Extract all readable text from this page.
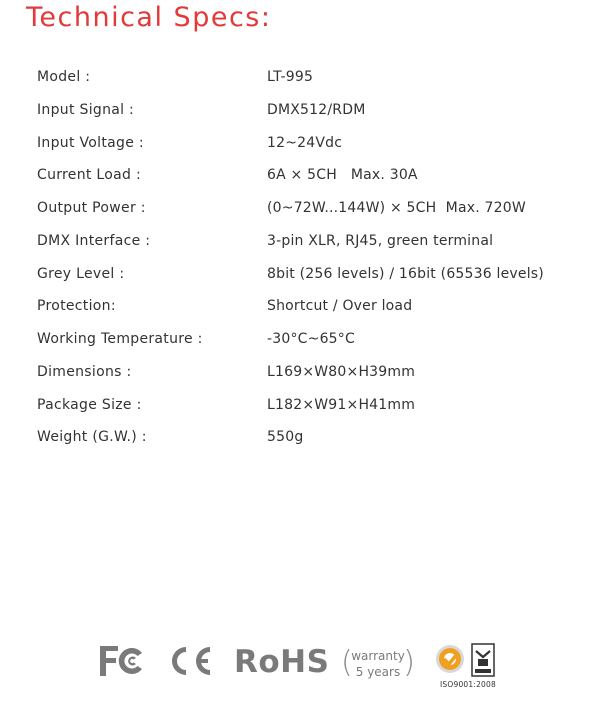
Technical Specs:
Model :	LT-995
Input Signal :	DMX512/RDM
Input Voltage :	12~24Vdc
Current Load :	6A × 5CH   Max. 30A
Output Power :	(0~72W...144W) × 5CH  Max. 720W
DMX Interface :	3-pin XLR, RJ45, green terminal
Grey Level :	8bit (256 levels) / 16bit (65536 levels)
Protection:	Shortcut / Over load
Working Temperature :	-30°C~65°C
Dimensions :	L169×W80×H39mm
Package Size :	L182×W91×H41mm
Weight (G.W.) :	550g
RoHS (
warranty
5 years )
ISO9001:2008
